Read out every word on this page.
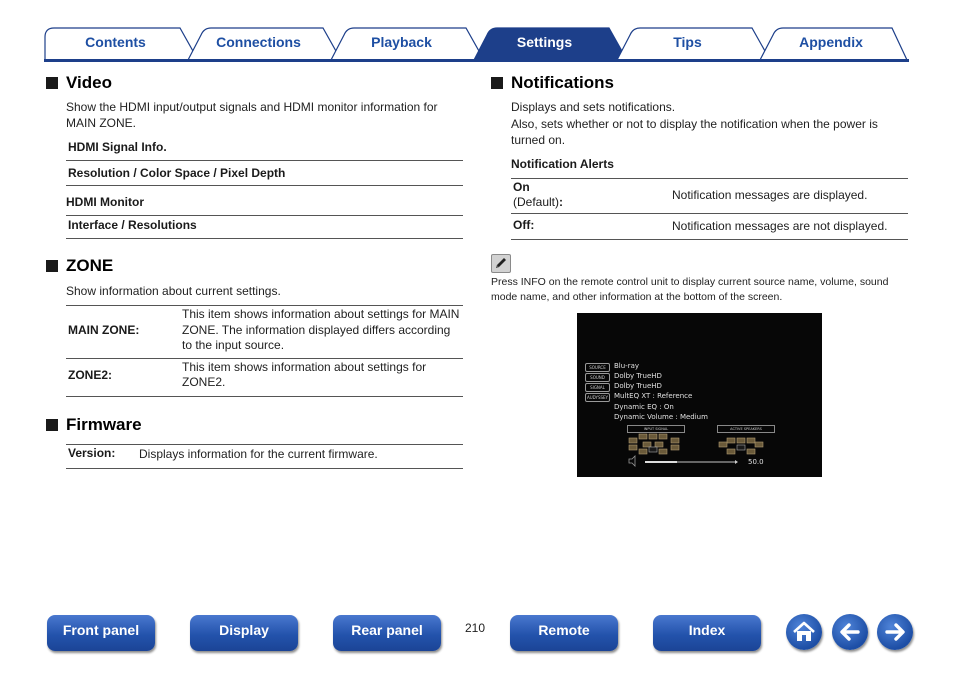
Contents	Connections	Playback	Settings	Tips	Appendix
Video
Show the HDMI input/output signals and HDMI monitor information for MAIN ZONE.
HDMI Signal Info.
Resolution / Color Space / Pixel Depth
HDMI Monitor
Interface / Resolutions
ZONE
Show information about current settings.
MAIN ZONE:
This item shows information about settings for MAIN ZONE. The information displayed differs according to the input source.
ZONE2:
This item shows information about settings for ZONE2.
Firmware
Version:	Displays information for the current firmware.
Notifications
Displays and sets notifications.
Also, sets whether or not to display the notification when the power is turned on.
Notification Alerts
On
(Default):	Notification messages are displayed.
Off:	Notification messages are not displayed.
Press INFO on the remote control unit to display current source name, volume, sound mode name, and other information at the bottom of the screen.
SOURCE
SOUND
SIGNAL
AUDYSSEY
Blu-ray
Dolby TrueHD
Dolby TrueHD
MultEQ XT : Reference
Dynamic EQ : On
Dynamic Volume : Medium
INPUT SIGNAL	ACTIVE SPEAKERS
50.0
Front panel	Display	Rear panel	210	Remote	Index
